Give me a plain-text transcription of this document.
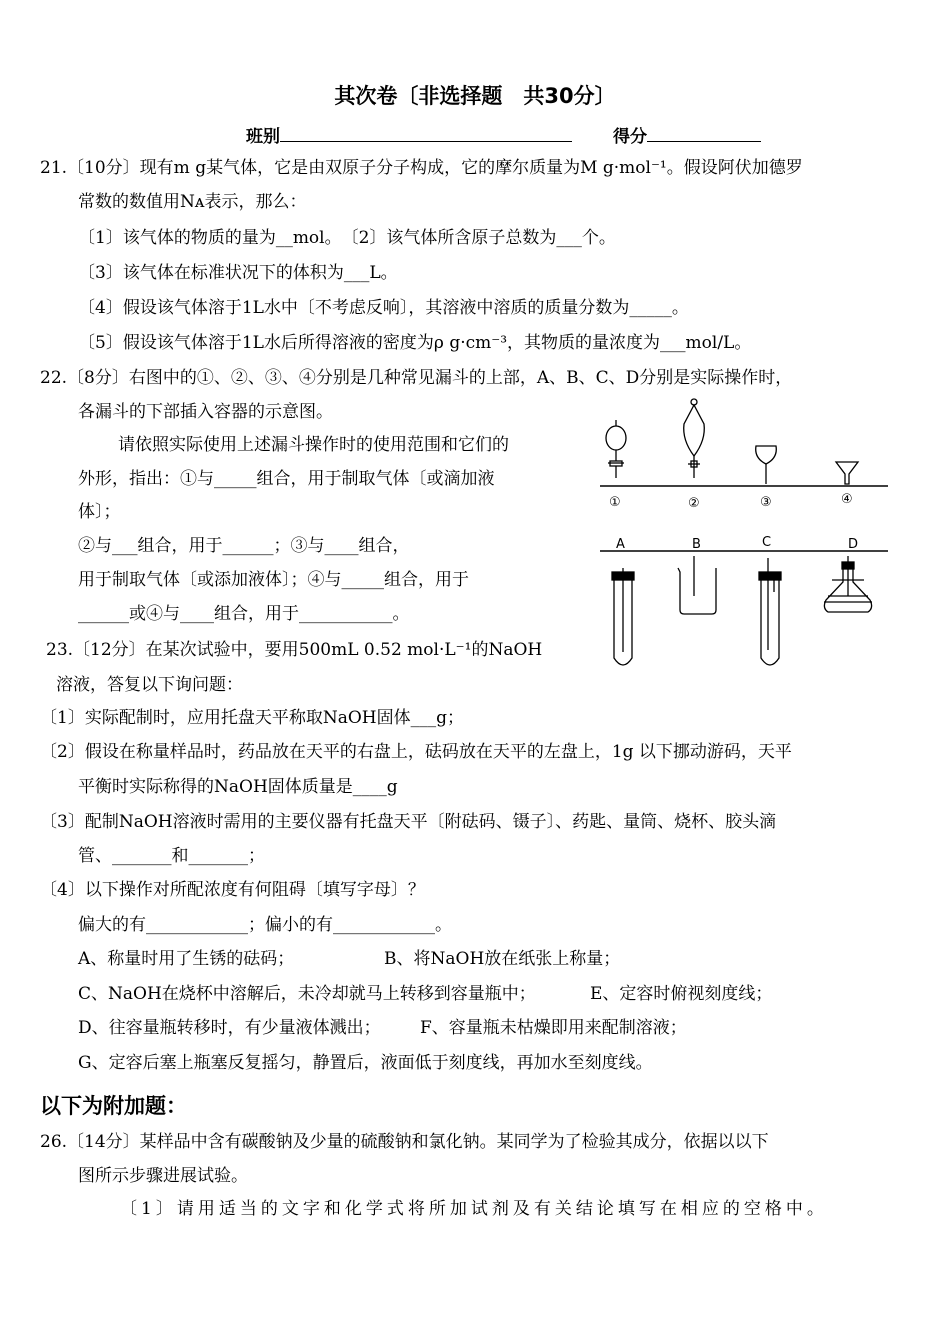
其次卷〔非选择题　共30分〕
班别	得分
21.〔10分〕现有m g某气体，它是由双原子分子构成，它的摩尔质量为M g·mol⁻¹。假设阿伏加德罗
常数的数值用Nᴀ表示，那么：
〔1〕该气体的物质的量为__mol。　〔2〕该气体所含原子总数为___个。
〔3〕该气体在标准状况下的体积为___L。
〔4〕假设该气体溶于1L水中〔不考虑反响〕，其溶液中溶质的质量分数为_____。
〔5〕假设该气体溶于1L水后所得溶液的密度为ρ g·cm⁻³，其物质的量浓度为___mol/L。
22.〔8分〕右图中的①、②、③、④分别是几种常见漏斗的上部，A、B、C、D分别是实际操作时，
各漏斗的下部插入容器的示意图。
请依照实际使用上述漏斗操作时的使用范围和它们的
外形，指出：①与_____组合，用于制取气体〔或滴加液
体〕；
②与___组合，用于______；③与____组合，
用于制取气体〔或添加液体〕；④与_____组合，用于
______或④与____组合，用于___________。
①	②	③	④
A	B	C	D
23.〔12分〕在某次试验中，要用500mL 0.52 mol·L⁻¹的NaOH
溶液，答复以下询问题：
〔1〕实际配制时，应用托盘天平称取NaOH固体___g；
〔2〕假设在称量样品时，药品放在天平的右盘上，砝码放在天平的左盘上，1g 以下挪动游码，天平
平衡时实际称得的NaOH固体质量是____g
〔3〕配制NaOH溶液时需用的主要仪器有托盘天平〔附砝码、镊子〕、药匙、量筒、烧杯、胶头滴
管、_______和_______；
〔4〕以下操作对所配浓度有何阻碍〔填写字母〕？
偏大的有____________；偏小的有____________。
A、称量时用了生锈的砝码；	B、将NaOH放在纸张上称量；
C、NaOH在烧杯中溶解后，未冷却就马上转移到容量瓶中；	E、定容时俯视刻度线；
D、往容量瓶转移时，有少量液体溅出； F、容量瓶未枯燥即用来配制溶液；
G、定容后塞上瓶塞反复摇匀，静置后，液面低于刻度线，再加水至刻度线。
以下为附加题：
26.〔14分〕某样品中含有碳酸钠及少量的硫酸钠和氯化钠。某同学为了检验其成分，依据以以下
图所示步骤进展试验。
〔1〕请用适当的文字和化学式将所加试剂及有关结论填写在相应的空格中。
